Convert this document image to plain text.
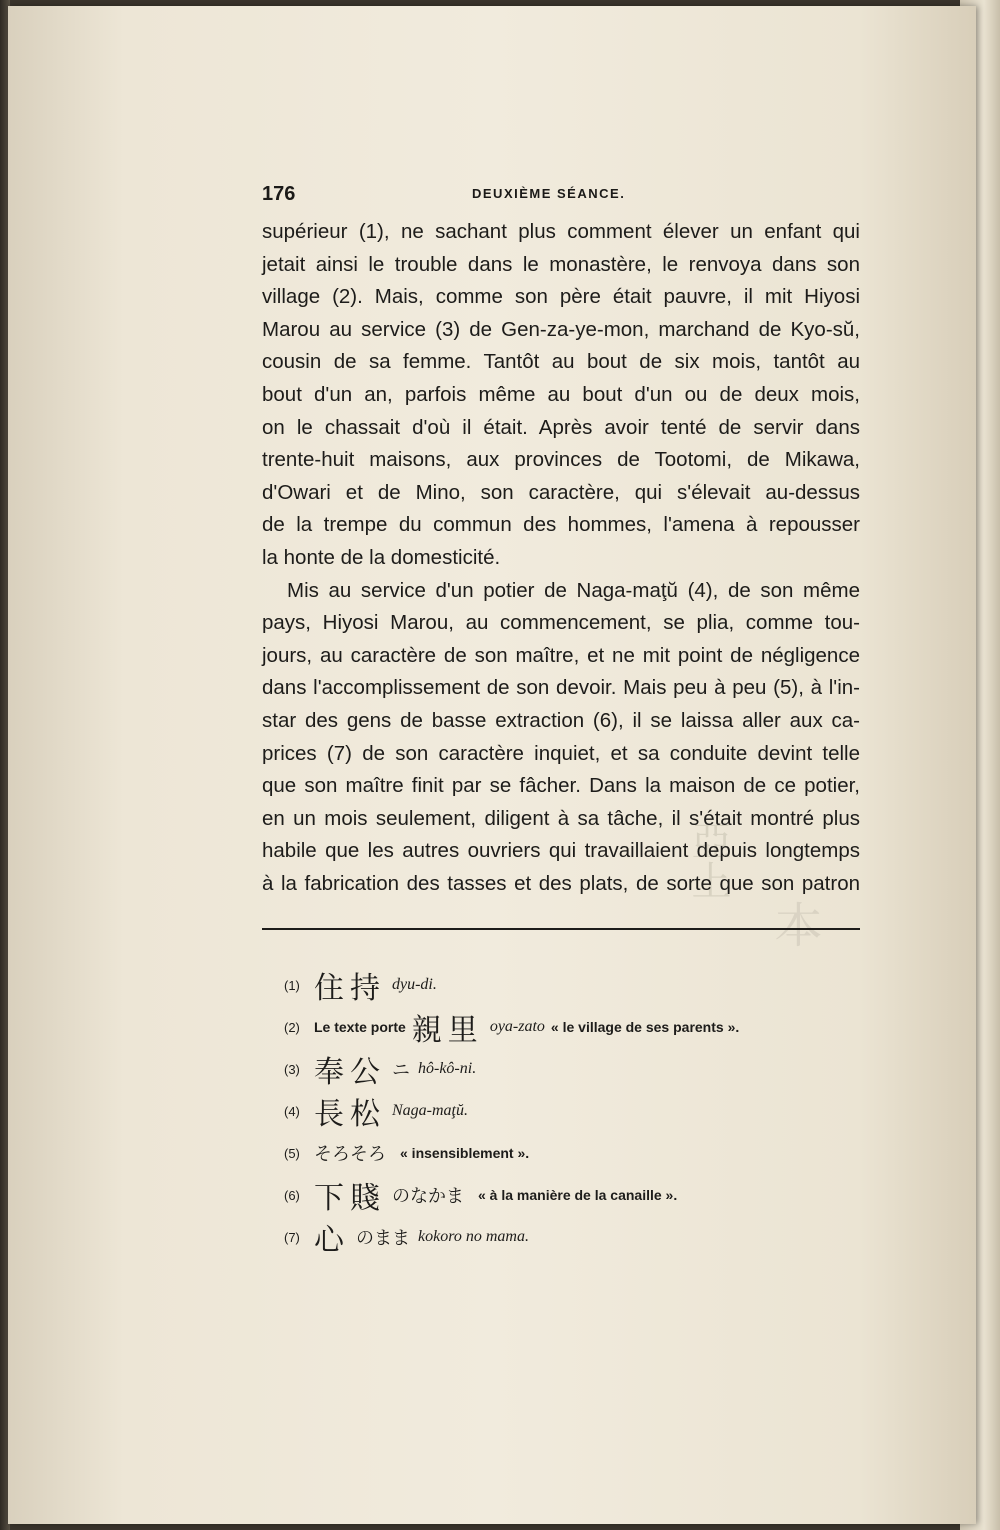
亞上
本
176	DEUXIÈME SÉANCE.
supérieur (1), ne sachant plus comment élever un enfant qui
jetait ainsi le trouble dans le monastère, le renvoya dans son
village (2). Mais, comme son père était pauvre, il mit Hiyosi
Marou au service (3) de Gen-za-ye-mon, marchand de Kyo-sŭ,
cousin de sa femme. Tantôt au bout de six mois, tantôt au
bout d'un an, parfois même au bout d'un ou de deux mois,
on le chassait d'où il était. Après avoir tenté de servir dans
trente-huit maisons, aux provinces de Tootomi, de Mikawa,
d'Owari et de Mino, son caractère, qui s'élevait au-dessus
de la trempe du commun des hommes, l'amena à repousser
la honte de la domesticité.
Mis au service d'un potier de Naga-maţŭ (4), de son même
pays, Hiyosi Marou, au commencement, se plia, comme tou-
jours, au caractère de son maître, et ne mit point de négligence
dans l'accomplissement de son devoir. Mais peu à peu (5), à l'in-
star des gens de basse extraction (6), il se laissa aller aux ca-
prices (7) de son caractère inquiet, et sa conduite devint telle
que son maître finit par se fâcher. Dans la maison de ce potier,
en un mois seulement, diligent à sa tâche, il s'était montré plus
habile que les autres ouvriers qui travaillaient depuis longtemps
à la fabrication des tasses et des plats, de sorte que son patron
(1) 住持 dyu-di.
(2)	Le texte porte 親里 oya-zato « le village de ses parents ».
(3) 奉公 ニ hô-kô-ni.
(4) 長松 Naga-maţŭ.
(5) そろそろ « insensiblement ».
(6) 下賤 のなかま « à la manière de la canaille ».
(7) 心 のまま kokoro no mama.
